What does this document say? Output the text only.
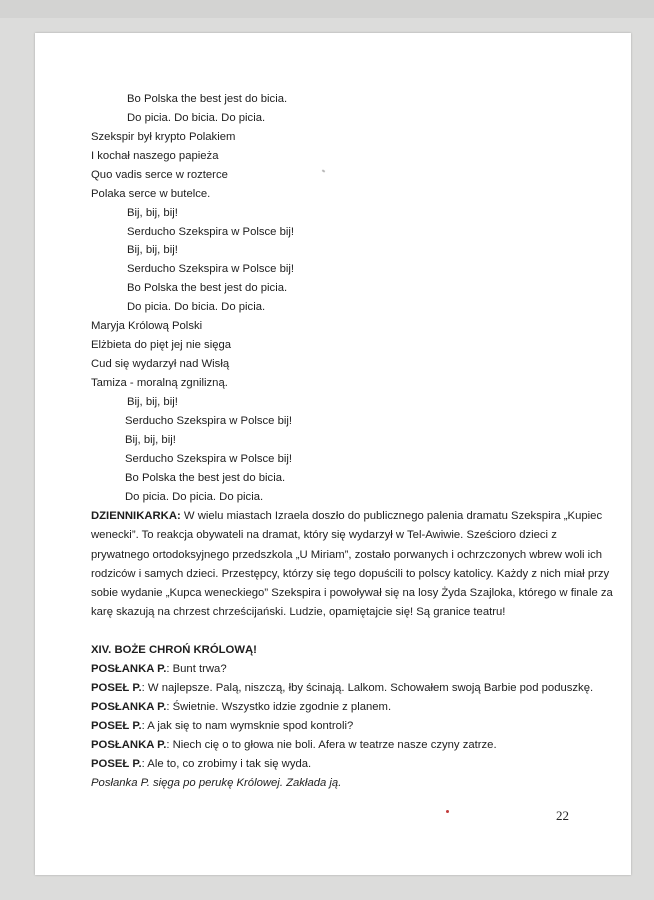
Bo Polska the best jest do bicia.
Do picia. Do bicia. Do picia.
Szekspir był krypto Polakiem
I kochał naszego papieża
Quo vadis serce w rozterce
Polaka serce w butelce.
Bij, bij, bij!
Serducho Szekspira w Polsce bij!
Bij, bij, bij!
Serducho Szekspira w Polsce bij!
Bo Polska the best jest do picia.
Do picia. Do bicia. Do picia.
Maryja Królową Polski
Elżbieta do pięt jej nie sięga
Cud się wydarzył nad Wisłą
Tamiza - moralną zgnilizną.
Bij, bij, bij!
Serducho Szekspira w Polsce bij!
Bij, bij, bij!
Serducho Szekspira w Polsce bij!
Bo Polska the best jest do bicia.
Do picia. Do picia. Do picia.
DZIENNIKARKA: W wielu miastach Izraela doszło do publicznego palenia dramatu Szekspira „Kupiec
wenecki”. To reakcja obywateli na dramat, który się wydarzył w Tel-Awiwie. Sześcioro dzieci z
prywatnego ortodoksyjnego przedszkola „U Miriam”, zostało porwanych i ochrzczonych wbrew woli ich
rodziców i samych dzieci. Przestępcy, którzy się tego dopuścili to polscy katolicy. Każdy z nich miał przy
sobie wydanie „Kupca weneckiego” Szekspira i powoływał się na losy Żyda Szajloka, którego w finale za
karę skazują na chrzest chrześcijański. Ludzie, opamiętajcie się! Są granice teatru!
XIV. BOŻE CHROŃ KRÓLOWĄ!
POSŁANKA P.: Bunt trwa?
POSEŁ P.: W najlepsze. Palą, niszczą, łby ścinają. Lalkom. Schowałem swoją Barbie pod poduszkę.
POSŁANKA P.: Świetnie. Wszystko idzie zgodnie z planem.
POSEŁ P.: A jak się to nam wymsknie spod kontroli?
POSŁANKA P.: Niech cię o to głowa nie boli. Afera w teatrze nasze czyny zatrze.
POSEŁ P.: Ale to, co zrobimy i tak się wyda.
Posłanka P. sięga po perukę Królowej. Zakłada ją.
22
